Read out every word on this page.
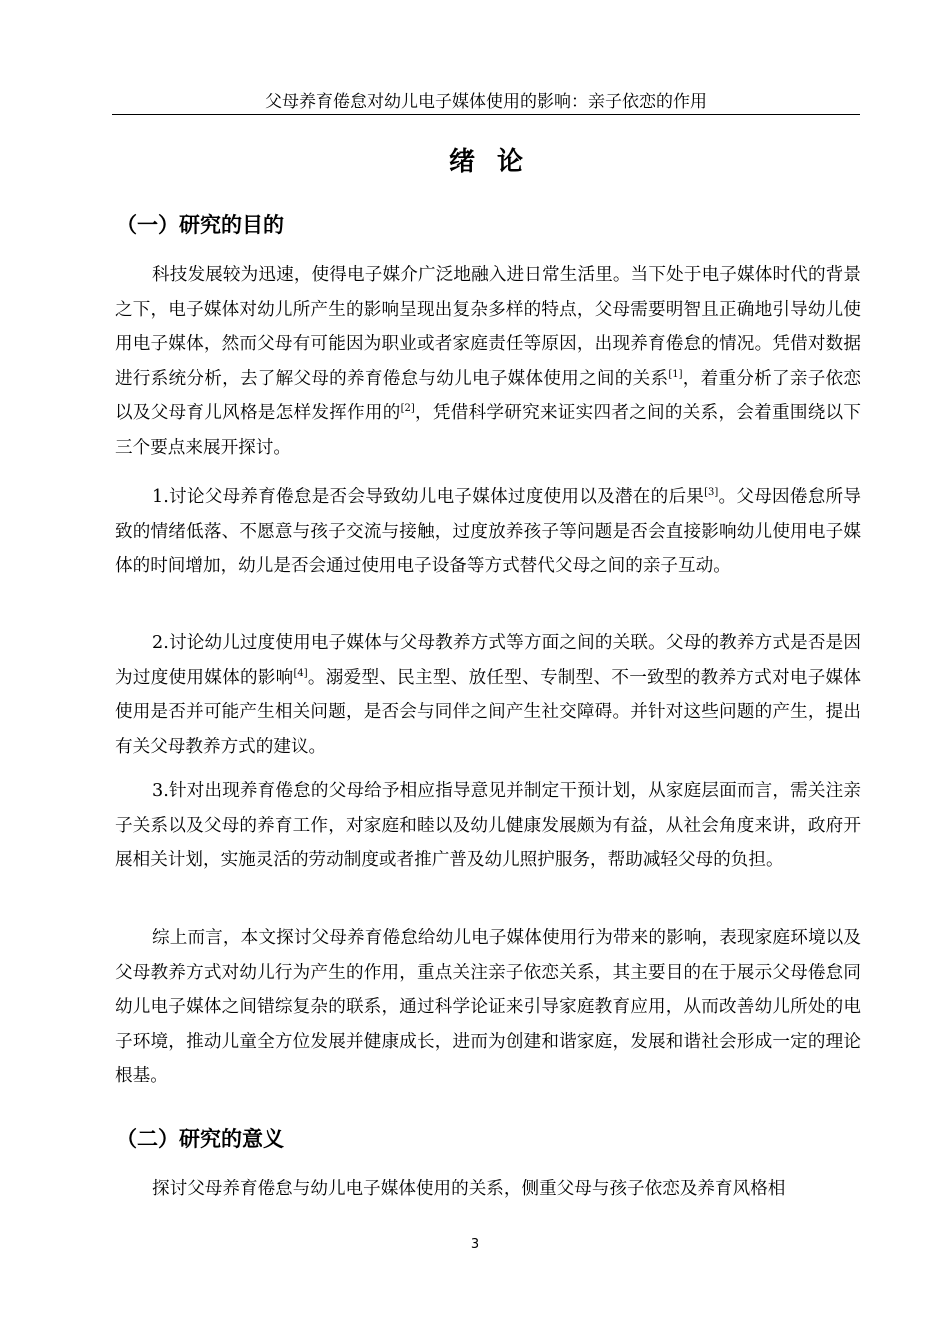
父母养育倦怠对幼儿电子媒体使用的影响：亲子依恋的作用
绪论
（一）研究的目的

科技发展较为迅速，使得电子媒介广泛地融入进日常生活里。当下处于电子媒体时代的背景之下，电子媒体对幼儿所产生的影响呈现出复杂多样的特点，父母需要明智且正确地引导幼儿使用电子媒体，然而父母有可能因为职业或者家庭责任等原因，出现养育倦怠的情况。凭借对数据进行系统分析，去了解父母的养育倦怠与幼儿电子媒体使用之间的关系[1]，着重分析了亲子依恋以及父母育儿风格是怎样发挥作用的[2]，凭借科学研究来证实四者之间的关系，会着重围绕以下三个要点来展开探讨。

1.讨论父母养育倦怠是否会导致幼儿电子媒体过度使用以及潜在的后果[3]。父母因倦怠所导致的情绪低落、不愿意与孩子交流与接触，过度放养孩子等问题是否会直接影响幼儿使用电子媒体的时间增加，幼儿是否会通过使用电子设备等方式替代父母之间的亲子互动。

2.讨论幼儿过度使用电子媒体与父母教养方式等方面之间的关联。父母的教养方式是否是因为过度使用媒体的影响[4]。溺爱型、民主型、放任型、专制型、不一致型的教养方式对电子媒体使用是否并可能产生相关问题，是否会与同伴之间产生社交障碍。并针对这些问题的产生，提出有关父母教养方式的建议。

3.针对出现养育倦怠的父母给予相应指导意见并制定干预计划，从家庭层面而言，需关注亲子关系以及父母的养育工作，对家庭和睦以及幼儿健康发展颇为有益，从社会角度来讲，政府开展相关计划，实施灵活的劳动制度或者推广普及幼儿照护服务，帮助减轻父母的负担。

综上而言，本文探讨父母养育倦怠给幼儿电子媒体使用行为带来的影响，表现家庭环境以及父母教养方式对幼儿行为产生的作用，重点关注亲子依恋关系，其主要目的在于展示父母倦怠同幼儿电子媒体之间错综复杂的联系，通过科学论证来引导家庭教育应用，从而改善幼儿所处的电子环境，推动儿童全方位发展并健康成长，进而为创建和谐家庭，发展和谐社会形成一定的理论根基。

（二）研究的意义

探讨父母养育倦怠与幼儿电子媒体使用的关系，侧重父母与孩子依恋及养育风格相

3
